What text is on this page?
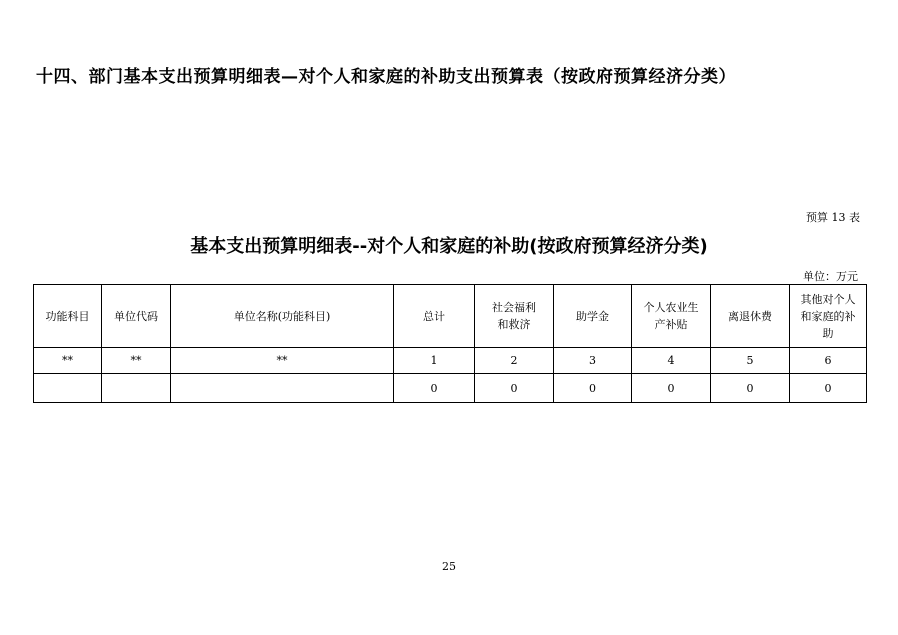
十四、部门基本支出预算明细表—对个人和家庭的补助支出预算表（按政府预算经济分类）
预算 13 表
基本支出预算明细表--对个人和家庭的补助(按政府预算经济分类)
单位：万元
功能科目	单位代码	单位名称(功能科目)	总计	社会福利和救济	助学金	个人农业生产补贴	离退休费	其他对个人和家庭的补助
**	**	**	1	2	3	4	5	6
			0	0	0	0	0	0
25
